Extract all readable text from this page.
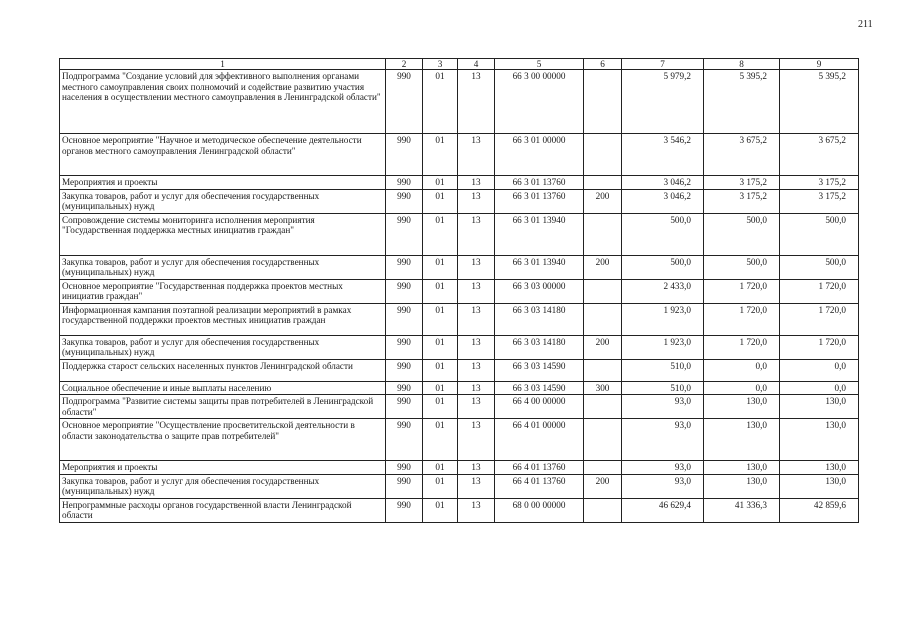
211
1	2	3	4	5	6	7	8	9
Подпрограмма "Создание условий для эффективного выполнения органами местного самоуправления своих полномочий и содействие развитию участия населения в осуществлении местного самоуправления в Ленинградской области"	990	01	13	66 3 00 00000		5 979,2	5 395,2	5 395,2
Основное мероприятие "Научное и методическое обеспечение деятельности органов местного самоуправления Ленинградской области"	990	01	13	66 3 01 00000		3 546,2	3 675,2	3 675,2
Мероприятия и проекты	990	01	13	66 3 01 13760		3 046,2	3 175,2	3 175,2
Закупка товаров, работ и услуг для обеспечения государственных (муниципальных) нужд	990	01	13	66 3 01 13760	200	3 046,2	3 175,2	3 175,2
Сопровождение системы мониторинга исполнения мероприятия "Государственная поддержка местных инициатив граждан"	990	01	13	66 3 01 13940		500,0	500,0	500,0
Закупка товаров, работ и услуг для обеспечения государственных (муниципальных) нужд	990	01	13	66 3 01 13940	200	500,0	500,0	500,0
Основное мероприятие "Государственная поддержка проектов местных инициатив граждан"	990	01	13	66 3 03 00000		2 433,0	1 720,0	1 720,0
Информационная кампания поэтапной реализации мероприятий в рамках государственной поддержки проектов местных инициатив граждан	990	01	13	66 3 03 14180		1 923,0	1 720,0	1 720,0
Закупка товаров, работ и услуг для обеспечения государственных (муниципальных) нужд	990	01	13	66 3 03 14180	200	1 923,0	1 720,0	1 720,0
Поддержка старост сельских населенных пунктов Ленинградской области	990	01	13	66 3 03 14590		510,0	0,0	0,0
Социальное обеспечение и иные выплаты населению	990	01	13	66 3 03 14590	300	510,0	0,0	0,0
Подпрограмма "Развитие системы защиты прав потребителей в Ленинградской области"	990	01	13	66 4 00 00000		93,0	130,0	130,0
Основное мероприятие "Осуществление просветительской деятельности в области законодательства о защите прав потребителей"	990	01	13	66 4 01 00000		93,0	130,0	130,0
Мероприятия и проекты	990	01	13	66 4 01 13760		93,0	130,0	130,0
Закупка товаров, работ и услуг для обеспечения государственных (муниципальных) нужд	990	01	13	66 4 01 13760	200	93,0	130,0	130,0
Непрограммные расходы органов государственной власти Ленинградской области	990	01	13	68 0 00 00000		46 629,4	41 336,3	42 859,6
